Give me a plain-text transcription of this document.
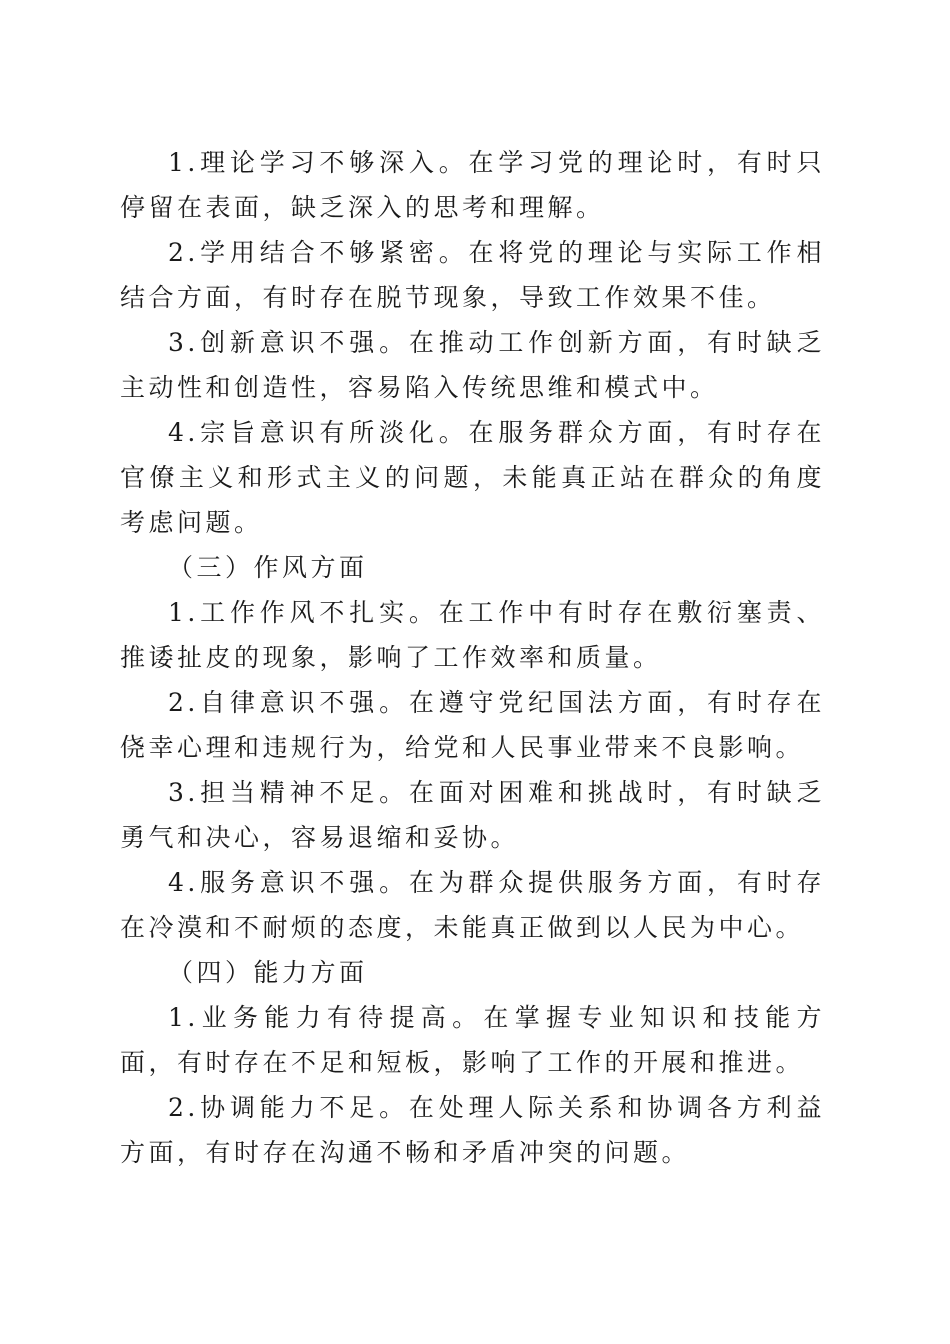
1.理论学习不够深入。在学习党的理论时，有时只停留在表面，缺乏深入的思考和理解。

2.学用结合不够紧密。在将党的理论与实际工作相结合方面，有时存在脱节现象，导致工作效果不佳。

3.创新意识不强。在推动工作创新方面，有时缺乏主动性和创造性，容易陷入传统思维和模式中。

4.宗旨意识有所淡化。在服务群众方面，有时存在官僚主义和形式主义的问题，未能真正站在群众的角度考虑问题。

（三）作风方面

1.工作作风不扎实。在工作中有时存在敷衍塞责、推诿扯皮的现象，影响了工作效率和质量。

2.自律意识不强。在遵守党纪国法方面，有时存在侥幸心理和违规行为，给党和人民事业带来不良影响。

3.担当精神不足。在面对困难和挑战时，有时缺乏勇气和决心，容易退缩和妥协。

4.服务意识不强。在为群众提供服务方面，有时存在冷漠和不耐烦的态度，未能真正做到以人民为中心。

（四）能力方面

1.业务能力有待提高。在掌握专业知识和技能方面，有时存在不足和短板，影响了工作的开展和推进。

2.协调能力不足。在处理人际关系和协调各方利益方面，有时存在沟通不畅和矛盾冲突的问题。
